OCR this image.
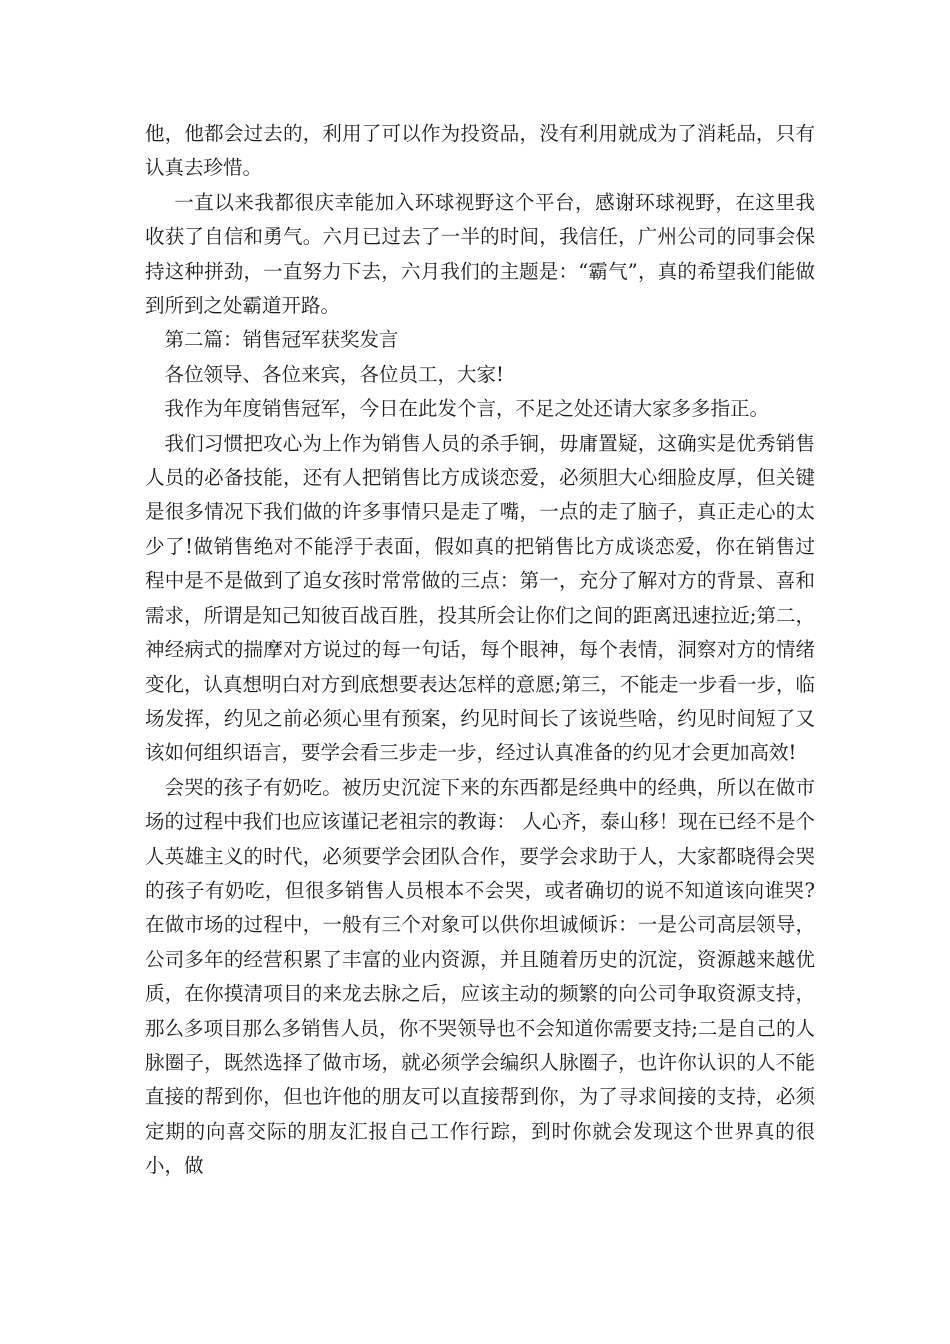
他，他都会过去的，利用了可以作为投资品，没有利用就成为了消耗品，只有认真去珍惜。

一直以来我都很庆幸能加入环球视野这个平台，感谢环球视野，在这里我收获了自信和勇气。六月已过去了一半的时间，我信任，广州公司的同事会保持这种拼劲，一直努力下去，六月我们的主题是：“霸气”，真的希望我们能做到所到之处霸道开路。

第二篇：销售冠军获奖发言

各位领导、各位来宾，各位员工，大家!

我作为年度销售冠军，今日在此发个言，不足之处还请大家多多指正。

我们习惯把攻心为上作为销售人员的杀手锏，毋庸置疑，这确实是优秀销售人员的必备技能，还有人把销售比方成谈恋爱，必须胆大心细脸皮厚，但关键是很多情况下我们做的许多事情只是走了嘴，一点的走了脑子，真正走心的太少了!做销售绝对不能浮于表面，假如真的把销售比方成谈恋爱，你在销售过程中是不是做到了追女孩时常常做的三点：第一，充分了解对方的背景、喜和需求，所谓是知己知彼百战百胜，投其所会让你们之间的距离迅速拉近;第二，神经病式的揣摩对方说过的每一句话，每个眼神，每个表情，洞察对方的情绪变化，认真想明白对方到底想要表达怎样的意愿;第三，不能走一步看一步，临场发挥，约见之前必须心里有预案，约见时间长了该说些啥，约见时间短了又该如何组织语言，要学会看三步走一步，经过认真准备的约见才会更加高效!

会哭的孩子有奶吃。被历史沉淀下来的东西都是经典中的经典，所以在做市场的过程中我们也应该谨记老祖宗的教诲： 人心齐，泰山移！现在已经不是个人英雄主义的时代，必须要学会团队合作，要学会求助于人，大家都晓得会哭的孩子有奶吃，但很多销售人员根本不会哭，或者确切的说不知道该向谁哭?在做市场的过程中，一般有三个对象可以供你坦诚倾诉：一是公司高层领导，公司多年的经营积累了丰富的业内资源，并且随着历史的沉淀，资源越来越优质，在你摸清项目的来龙去脉之后，应该主动的频繁的向公司争取资源支持，那么多项目那么多销售人员，你不哭领导也不会知道你需要支持;二是自己的人脉圈子，既然选择了做市场，就必须学会编织人脉圈子，也许你认识的人不能直接的帮到你，但也许他的朋友可以直接帮到你，为了寻求间接的支持，必须定期的向喜交际的朋友汇报自己工作行踪，到时你就会发现这个世界真的很小，做
